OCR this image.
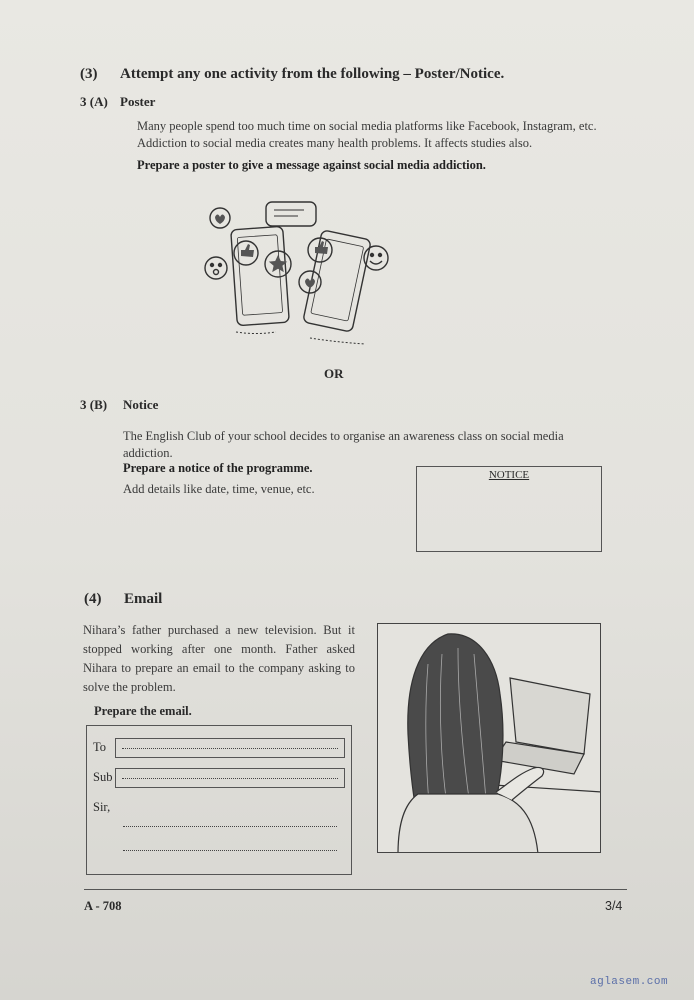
(3) Attempt any one activity from the following – Poster/Notice.
3 (A) Poster
Many people spend too much time on social media platforms like Facebook, Instagram, etc. Addiction to social media creates many health problems. It affects studies also.
Prepare a poster to give a message against social media addiction.
OR
3 (B) Notice
The English Club of your school decides to organise an awareness class on social media addiction.
Prepare a notice of the programme.
Add details like date, time, venue, etc.
NOTICE
(4) Email
Nihara’s father purchased a new television. But it stopped working after one month. Father asked Nihara to prepare an email to the company asking to solve the problem.
Prepare the email.
To
Sub
Sir,
A - 708	3/4
aglasem.com
